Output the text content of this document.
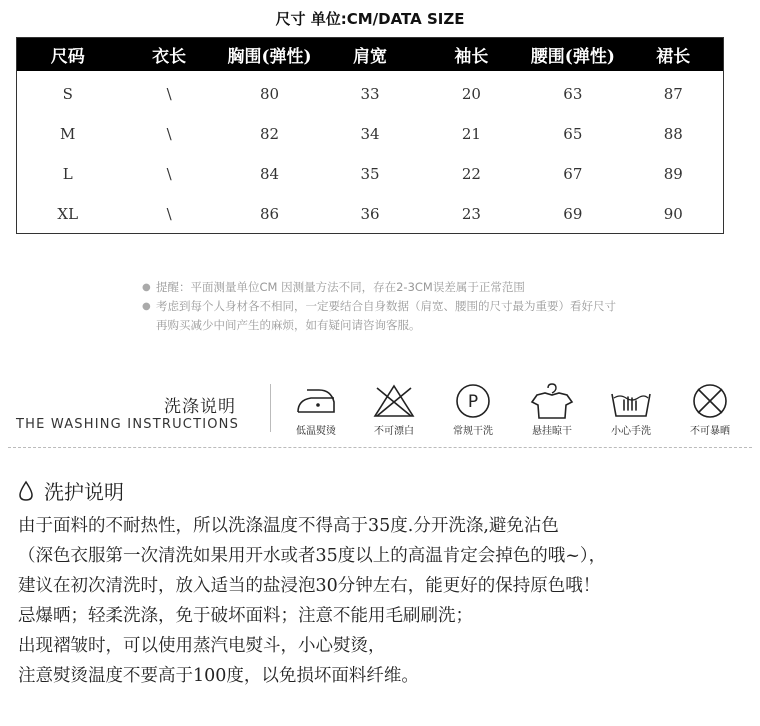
尺寸 单位:CM/DATA SIZE
尺码	衣长	胸围(弹性)	肩宽	袖长	腰围(弹性)	裙长
S	\	80	33	20	63	87
M	\	82	34	21	65	88
L	\	84	35	22	67	89
XL	\	86	36	23	69	90
● 提醒：平面测量单位CM 因测量方法不同，存在2-3CM误差属于正常范围
● 考虑到每个人身材各不相同，一定要结合自身数据（肩宽、腰围的尺寸最为重要）看好尺寸再购买减少中间产生的麻烦，如有疑问请咨询客服。
洗涤说明
THE WASHING INSTRUCTIONS	低温熨烫	不可漂白
P
常规干洗	悬挂晾干	小心手洗	不可暴晒
洗护说明
由于面料的不耐热性，所以洗涤温度不得高于35度.分开洗涤,避免沾色
（深色衣服第一次清洗如果用开水或者35度以上的高温肯定会掉色的哦~），
建议在初次清洗时，放入适当的盐浸泡30分钟左右，能更好的保持原色哦！
忌爆晒；轻柔洗涤，免于破坏面料；注意不能用毛刷刷洗；
出现褶皱时，可以使用蒸汽电熨斗，小心熨烫，
注意熨烫温度不要高于100度，以免损坏面料纤维。
